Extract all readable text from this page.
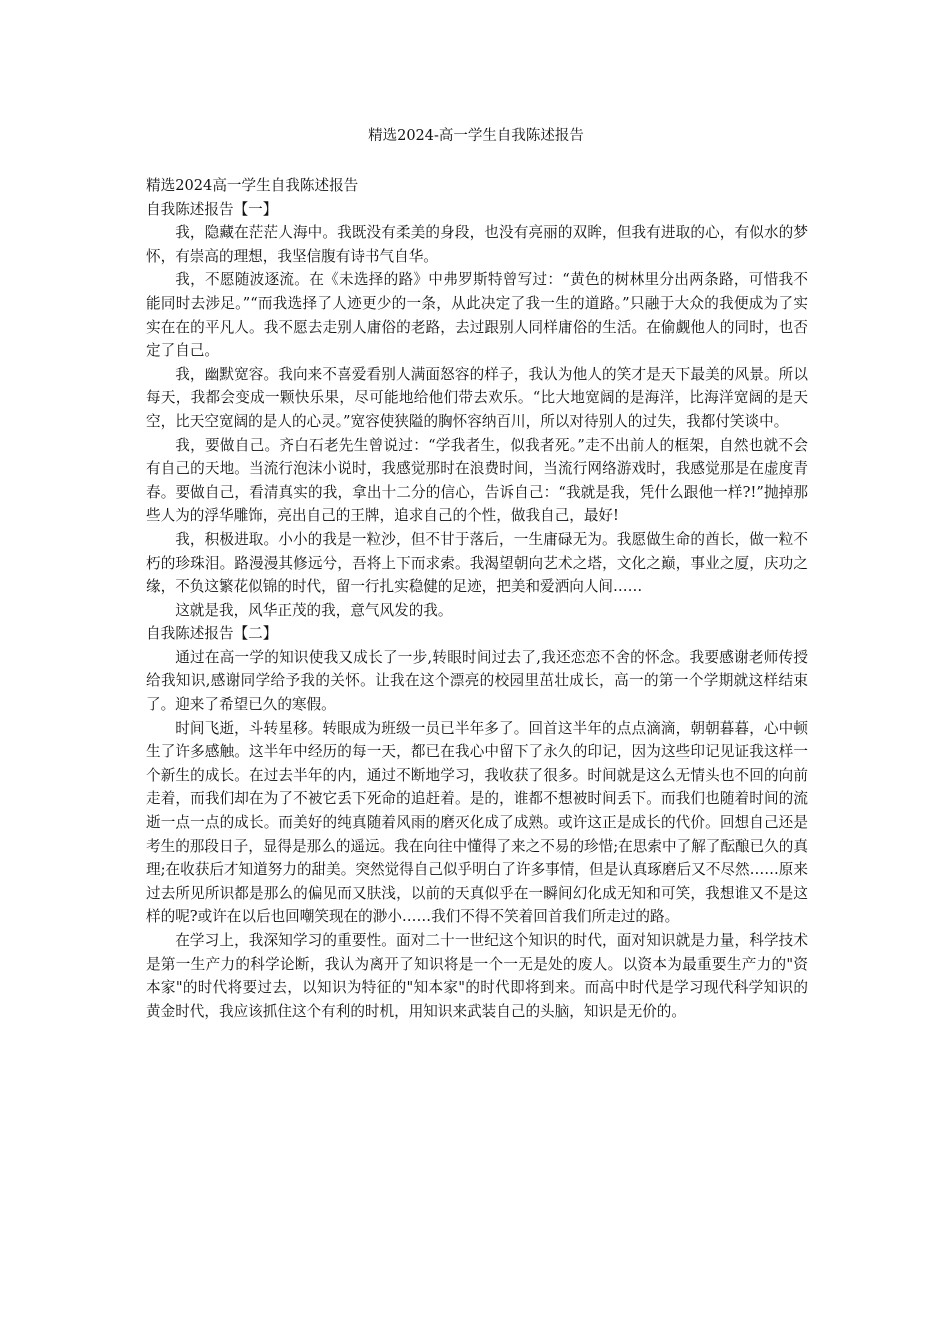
精选2024-高一学生自我陈述报告

精选2024高一学生自我陈述报告

自我陈述报告【一】

我，隐藏在茫茫人海中。我既没有柔美的身段，也没有亮丽的双眸，但我有进取的心，有似水的梦怀，有崇高的理想，我坚信腹有诗书气自华。

我，不愿随波逐流。在《未选择的路》中弗罗斯特曾写过：“黄色的树林里分出两条路，可惜我不能同时去涉足。”“而我选择了人迹更少的一条，从此决定了我一生的道路。”只融于大众的我便成为了实实在在的平凡人。我不愿去走别人庸俗的老路，去过跟别人同样庸俗的生活。在偷觑他人的同时，也否定了自己。

我，幽默宽容。我向来不喜爱看别人满面怒容的样子，我认为他人的笑才是天下最美的风景。所以每天，我都会变成一颗快乐果，尽可能地给他们带去欢乐。“比大地宽阔的是海洋，比海洋宽阔的是天空，比天空宽阔的是人的心灵。”宽容使狭隘的胸怀容纳百川，所以对待别人的过失，我都付笑谈中。

我，要做自己。齐白石老先生曾说过：“学我者生，似我者死。”走不出前人的框架，自然也就不会有自己的天地。当流行泡沫小说时，我感觉那时在浪费时间，当流行网络游戏时，我感觉那是在虚度青春。要做自己，看清真实的我，拿出十二分的信心，告诉自己：“我就是我，凭什么跟他一样?!”抛掉那些人为的浮华雕饰，亮出自己的王牌，追求自己的个性，做我自己，最好!

我，积极进取。小小的我是一粒沙，但不甘于落后，一生庸碌无为。我愿做生命的酋长，做一粒不朽的珍珠泪。路漫漫其修远兮，吾将上下而求索。我渴望朝向艺术之塔，文化之巅，事业之厦，庆功之缘，不负这繁花似锦的时代，留一行扎实稳健的足迹，把美和爱洒向人间……

这就是我，风华正茂的我，意气风发的我。

自我陈述报告【二】

通过在高一学的知识使我又成长了一步,转眼时间过去了,我还恋恋不舍的怀念。我要感谢老师传授给我知识,感谢同学给予我的关怀。让我在这个漂亮的校园里茁壮成长，高一的第一个学期就这样结束了。迎来了希望已久的寒假。

时间飞逝，斗转星移。转眼成为班级一员已半年多了。回首这半年的点点滴滴，朝朝暮暮，心中顿生了许多感触。这半年中经历的每一天，都已在我心中留下了永久的印记，因为这些印记见证我这样一个新生的成长。在过去半年的内，通过不断地学习，我收获了很多。时间就是这么无情头也不回的向前走着，而我们却在为了不被它丢下死命的追赶着。是的，谁都不想被时间丢下。而我们也随着时间的流逝一点一点的成长。而美好的纯真随着风雨的磨灭化成了成熟。或许这正是成长的代价。回想自己还是考生的那段日子，显得是那么的遥远。我在向往中懂得了来之不易的珍惜;在思索中了解了酝酿已久的真理;在收获后才知道努力的甜美。突然觉得自己似乎明白了许多事情，但是认真琢磨后又不尽然……原来过去所见所识都是那么的偏见而又肤浅，以前的天真似乎在一瞬间幻化成无知和可笑，我想谁又不是这样的呢?或许在以后也回嘲笑现在的渺小……我们不得不笑着回首我们所走过的路。

在学习上，我深知学习的重要性。面对二十一世纪这个知识的时代，面对知识就是力量，科学技术是第一生产力的科学论断，我认为离开了知识将是一个一无是处的废人。以资本为最重要生产力的"资本家"的时代将要过去，以知识为特征的"知本家"的时代即将到来。而高中时代是学习现代科学知识的黄金时代，我应该抓住这个有利的时机，用知识来武装自己的头脑，知识是无价的。
